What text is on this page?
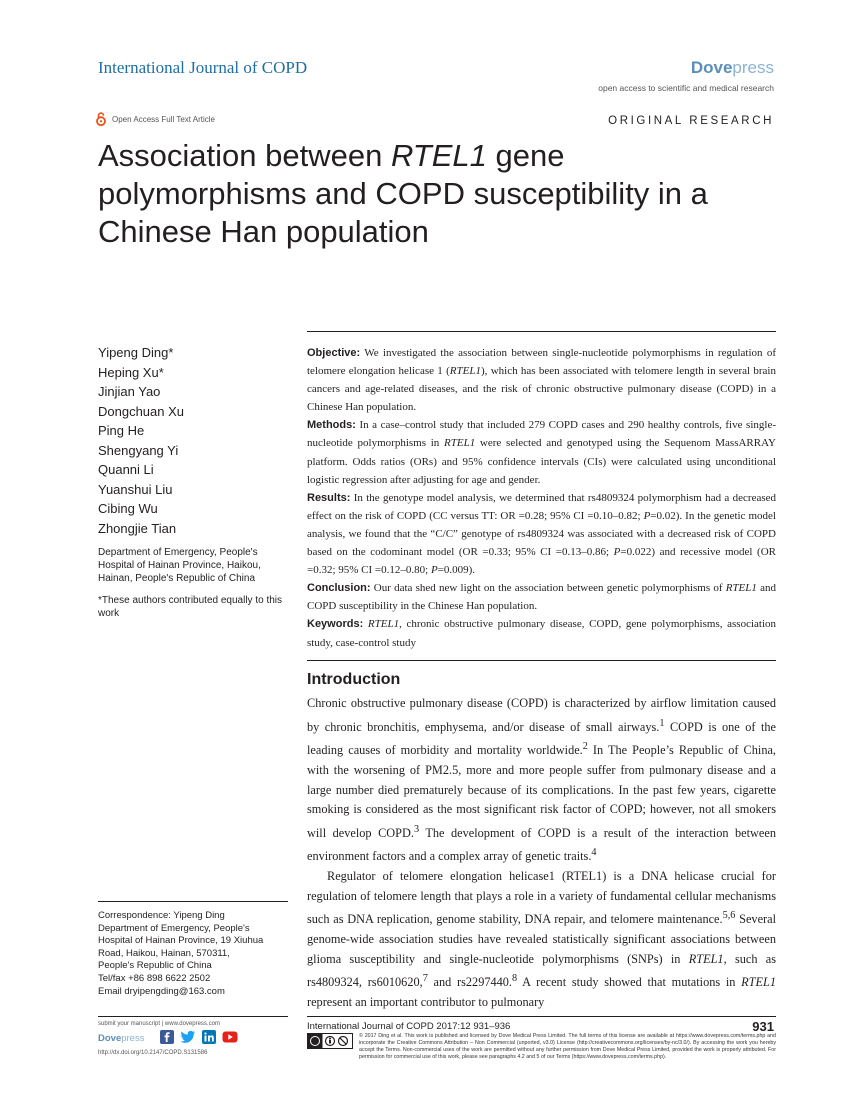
International Journal of COPD	Dovepress
open access to scientific and medical research
Open Access Full Text Article	ORIGINAL RESEARCH
Association between RTEL1 gene polymorphisms and COPD susceptibility in a Chinese Han population
Yipeng Ding*
Heping Xu*
Jinjian Yao
Dongchuan Xu
Ping He
Shengyang Yi
Quanni Li
Yuanshui Liu
Cibing Wu
Zhongjie Tian
Department of Emergency, People's Hospital of Hainan Province, Haikou, Hainan, People's Republic of China
*These authors contributed equally to this work
Correspondence: Yipeng Ding
Department of Emergency, People's
Hospital of Hainan Province, 19 Xiuhua
Road, Haikou, Hainan, 570311,
People's Republic of China
Tel/fax +86 898 6622 2502
Email dryipengding@163.com

Objective: We investigated the association between single-nucleotide polymorphisms in regulation of telomere elongation helicase 1 (RTEL1), which has been associated with telomere length in several brain cancers and age-related diseases, and the risk of chronic obstructive pulmonary disease (COPD) in a Chinese Han population.

Methods: In a case–control study that included 279 COPD cases and 290 healthy controls, five single-nucleotide polymorphisms in RTEL1 were selected and genotyped using the Sequenom MassARRAY platform. Odds ratios (ORs) and 95% confidence intervals (CIs) were calculated using unconditional logistic regression after adjusting for age and gender.

Results: In the genotype model analysis, we determined that rs4809324 polymorphism had a decreased effect on the risk of COPD (CC versus TT: OR =0.28; 95% CI =0.10–0.82; P=0.02). In the genetic model analysis, we found that the “C/C” genotype of rs4809324 was associated with a decreased risk of COPD based on the codominant model (OR =0.33; 95% CI =0.13–0.86; P=0.022) and recessive model (OR =0.32; 95% CI =0.12–0.80; P=0.009).

Conclusion: Our data shed new light on the association between genetic polymorphisms of RTEL1 and COPD susceptibility in the Chinese Han population.

Keywords: RTEL1, chronic obstructive pulmonary disease, COPD, gene polymorphisms, association study, case-control study

Introduction

Chronic obstructive pulmonary disease (COPD) is characterized by airflow limitation caused by chronic bronchitis, emphysema, and/or disease of small airways.$^1$ COPD is one of the leading causes of morbidity and mortality worldwide.$^2$ In The People’s Republic of China, with the worsening of PM2.5, more and more people suffer from pulmonary disease and a large number died prematurely because of its complications. In the past few years, cigarette smoking is considered as the most significant risk factor of COPD; however, not all smokers will develop COPD.$^3$ The development of COPD is a result of the interaction between environment factors and a complex array of genetic traits.$^4$

Regulator of telomere elongation helicase1 (RTEL1) is a DNA helicase crucial for regulation of telomere length that plays a role in a variety of fundamental cellular mechanisms such as DNA replication, genome stability, DNA repair, and telomere maintenance.$^{5,6}$ Several genome-wide association studies have revealed statistically significant associations between glioma susceptibility and single-nucleotide polymorphisms (SNPs) in RTEL1, such as rs4809324, rs6010620,$^7$ and rs2297440.$^8$ A recent study showed that mutations in RTEL1 represent an important contributor to pulmonary

submit your manuscript | www.dovepress.com
Dovepress
http://dx.doi.org/10.2147/COPD.S131586
International Journal of COPD 2017:12 931–936	931
© 2017 Ding et al. This work is published and licensed by Dove Medical Press Limited. The full terms of this license are available at https://www.dovepress.com/terms.php and incorporate the Creative Commons Attribution – Non Commercial (unported, v3.0) License (http://creativecommons.org/licenses/by-nc/3.0/). By accessing the work you hereby accept the Terms. Non-commercial uses of the work are permitted without any further permission from Dove Medical Press Limited, provided the work is properly attributed. For permission for commercial use of this work, please see paragraphs 4.2 and 5 of our Terms (https://www.dovepress.com/terms.php).
